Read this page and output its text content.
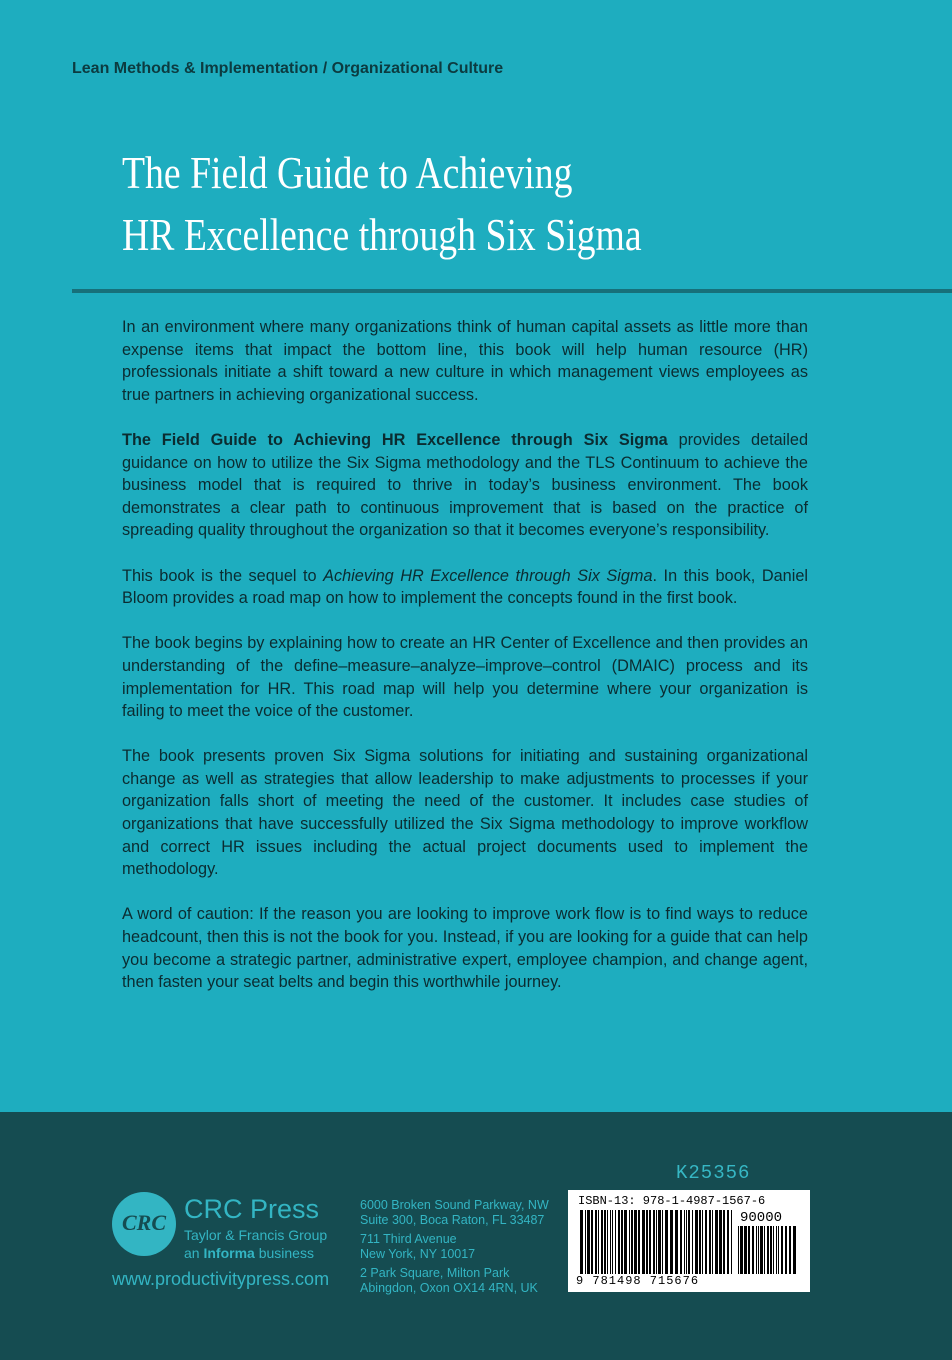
Lean Methods & Implementation / Organizational Culture
The Field Guide to Achieving
HR Excellence through Six Sigma

In an environment where many organizations think of human capital assets as little more than expense items that impact the bottom line, this book will help human resource (HR) professionals initiate a shift toward a new culture in which management views employees as true partners in achieving organizational success.

The Field Guide to Achieving HR Excellence through Six Sigma provides detailed guidance on how to utilize the Six Sigma methodology and the TLS Continuum to achieve the business model that is required to thrive in today’s business environment. The book demonstrates a clear path to continuous improvement that is based on the practice of spreading quality throughout the organization so that it becomes everyone’s responsibility.

This book is the sequel to Achieving HR Excellence through Six Sigma. In this book, Daniel Bloom provides a road map on how to implement the concepts found in the first book.

The book begins by explaining how to create an HR Center of Excellence and then provides an understanding of the define–measure–analyze–improve–control (DMAIC) process and its implementation for HR. This road map will help you determine where your organization is failing to meet the voice of the customer.

The book presents proven Six Sigma solutions for initiating and sustaining organizational change as well as strategies that allow leadership to make adjustments to processes if your organization falls short of meeting the need of the customer. It includes case studies of organizations that have successfully utilized the Six Sigma methodology to improve workflow and correct HR issues including the actual project documents used to implement the methodology.

A word of caution: If the reason you are looking to improve work flow is to find ways to reduce headcount, then this is not the book for you. Instead, if you are looking for a guide that can help you become a strategic partner, administrative expert, employee champion, and change agent, then fasten your seat belts and begin this worthwhile journey.

K25356
CRC CRC Press
Taylor & Francis Group
an Informa business
www.productivitypress.com
6000 Broken Sound Parkway, NW
Suite 300, Boca Raton, FL 33487
711 Third Avenue
New York, NY 10017
2 Park Square, Milton Park
Abingdon, Oxon OX14 4RN, UK
ISBN-13: 978-1-4987-1567-6
90000
9 781498 715676
